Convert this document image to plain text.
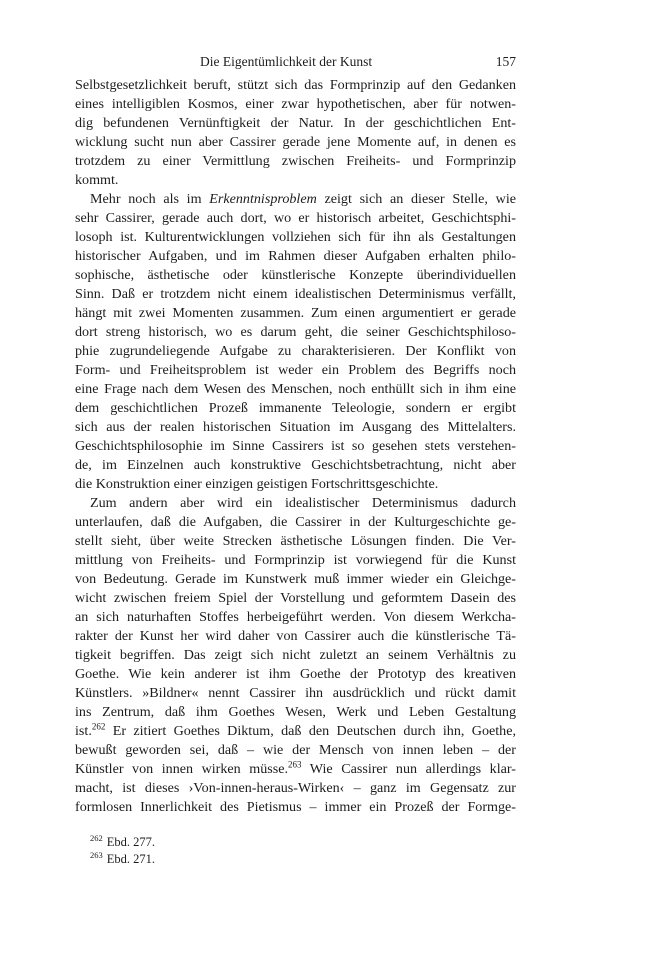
Die Eigentümlichkeit der Kunst	157
Selbstgesetzlichkeit beruft, stützt sich das Formprinzip auf den Gedanken
eines intelligiblen Kosmos, einer zwar hypothetischen, aber für notwen-
dig befundenen Vernünftigkeit der Natur. In der geschichtlichen Ent-
wicklung sucht nun aber Cassirer gerade jene Momente auf, in denen es
trotzdem zu einer Vermittlung zwischen Freiheits- und Formprinzip
kommt.
Mehr noch als im Erkenntnisproblem zeigt sich an dieser Stelle, wie
sehr Cassirer, gerade auch dort, wo er historisch arbeitet, Geschichtsphi-
losoph ist. Kulturentwicklungen vollziehen sich für ihn als Gestaltungen
historischer Aufgaben, und im Rahmen dieser Aufgaben erhalten philo-
sophische, ästhetische oder künstlerische Konzepte überindividuellen
Sinn. Daß er trotzdem nicht einem idealistischen Determinismus verfällt,
hängt mit zwei Momenten zusammen. Zum einen argumentiert er gerade
dort streng historisch, wo es darum geht, die seiner Geschichtsphiloso-
phie zugrundeliegende Aufgabe zu charakterisieren. Der Konflikt von
Form- und Freiheitsproblem ist weder ein Problem des Begriffs noch
eine Frage nach dem Wesen des Menschen, noch enthüllt sich in ihm eine
dem geschichtlichen Prozeß immanente Teleologie, sondern er ergibt
sich aus der realen historischen Situation im Ausgang des Mittelalters.
Geschichtsphilosophie im Sinne Cassirers ist so gesehen stets verstehen-
de, im Einzelnen auch konstruktive Geschichtsbetrachtung, nicht aber
die Konstruktion einer einzigen geistigen Fortschrittsgeschichte.
Zum andern aber wird ein idealistischer Determinismus dadurch
unterlaufen, daß die Aufgaben, die Cassirer in der Kulturgeschichte ge-
stellt sieht, über weite Strecken ästhetische Lösungen finden. Die Ver-
mittlung von Freiheits- und Formprinzip ist vorwiegend für die Kunst
von Bedeutung. Gerade im Kunstwerk muß immer wieder ein Gleichge-
wicht zwischen freiem Spiel der Vorstellung und geformtem Dasein des
an sich naturhaften Stoffes herbeigeführt werden. Von diesem Werkcha-
rakter der Kunst her wird daher von Cassirer auch die künstlerische Tä-
tigkeit begriffen. Das zeigt sich nicht zuletzt an seinem Verhältnis zu
Goethe. Wie kein anderer ist ihm Goethe der Prototyp des kreativen
Künstlers. »Bildner« nennt Cassirer ihn ausdrücklich und rückt damit
ins Zentrum, daß ihm Goethes Wesen, Werk und Leben Gestaltung
ist.$^{262}$ Er zitiert Goethes Diktum, daß den Deutschen durch ihn, Goethe,
bewußt geworden sei, daß – wie der Mensch von innen leben – der
Künstler von innen wirken müsse.$^{263}$ Wie Cassirer nun allerdings klar-
macht, ist dieses ›Von-innen-heraus-Wirken‹ – ganz im Gegensatz zur
formlosen Innerlichkeit des Pietismus – immer ein Prozeß der Formge-
$^{262}$ Ebd. 277.
$^{263}$ Ebd. 271.
